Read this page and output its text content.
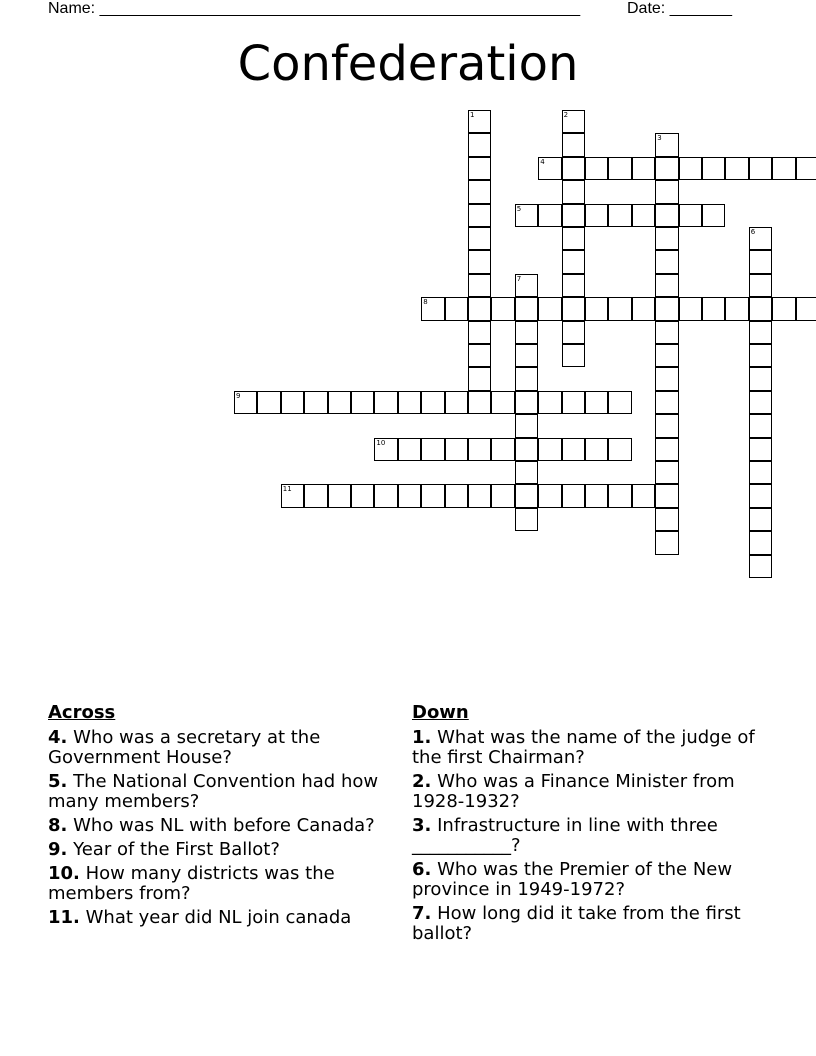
Name: ______________________________________________________	Date: _______
Confederation
1	2
3
4
5
6
7
8
9
10
11
Across
4. Who was a secretary at the Government House?
5. The National Convention had how many members?
8. Who was NL with before Canada?
9. Year of the First Ballot?
10. How many districts was the members from?
11. What year did NL join canada
Down
1. What was the name of the judge of the first Chairman?
2. Who was a Finance Minister from 1928-1932?
3. Infrastructure in line with three ___________?
6. Who was the Premier of the New province in 1949-1972?
7. How long did it take from the first ballot?
